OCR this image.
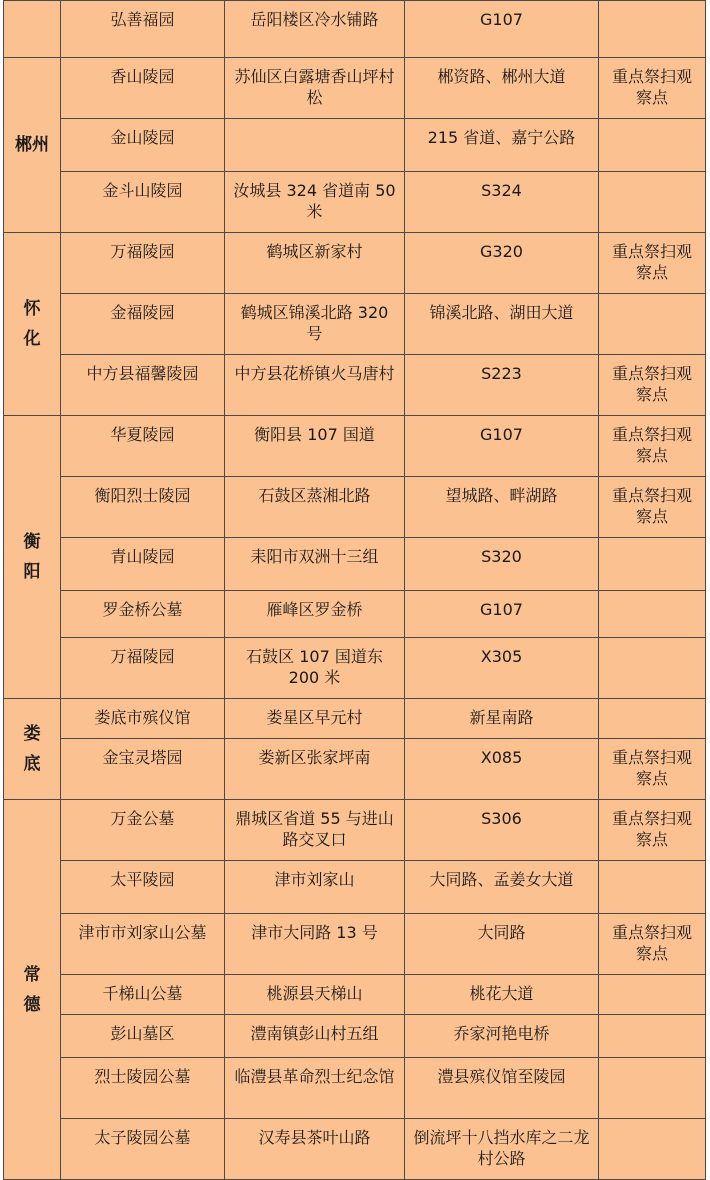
	弘善福园	岳阳楼区冷水铺路	G107	
郴州	香山陵园	苏仙区白露塘香山坪村松	郴资路、郴州大道	重点祭扫观察点
	金山陵园		215 省道、嘉宁公路	
	金斗山陵园	汝城县 324 省道南 50 米	S324	
怀化	万福陵园	鹤城区新家村	G320	重点祭扫观察点
	金福陵园	鹤城区锦溪北路 320 号	锦溪北路、湖田大道	
	中方县福馨陵园	中方县花桥镇火马唐村	S223	重点祭扫观察点
衡阳	华夏陵园	衡阳县 107 国道	G107	重点祭扫观察点
	衡阳烈士陵园	石鼓区蒸湘北路	望城路、畔湖路	重点祭扫观察点
	青山陵园	耒阳市双洲十三组	S320	
	罗金桥公墓	雁峰区罗金桥	G107	
	万福陵园	石鼓区 107 国道东 200 米	X305	
娄底	娄底市殡仪馆	娄星区早元村	新星南路	
	金宝灵塔园	娄新区张家坪南	X085	重点祭扫观察点
常德	万金公墓	鼎城区省道 55 与进山路交叉口	S306	重点祭扫观察点
	太平陵园	津市刘家山	大同路、孟姜女大道	
	津市市刘家山公墓	津市大同路 13 号	大同路	重点祭扫观察点
	千梯山公墓	桃源县天梯山	桃花大道	
	彭山墓区	澧南镇彭山村五组	乔家河艳电桥	
	烈士陵园公墓	临澧县革命烈士纪念馆	澧县殡仪馆至陵园	
	太子陵园公墓	汉寿县茶叶山路	倒流坪十八挡水库之二龙村公路	
